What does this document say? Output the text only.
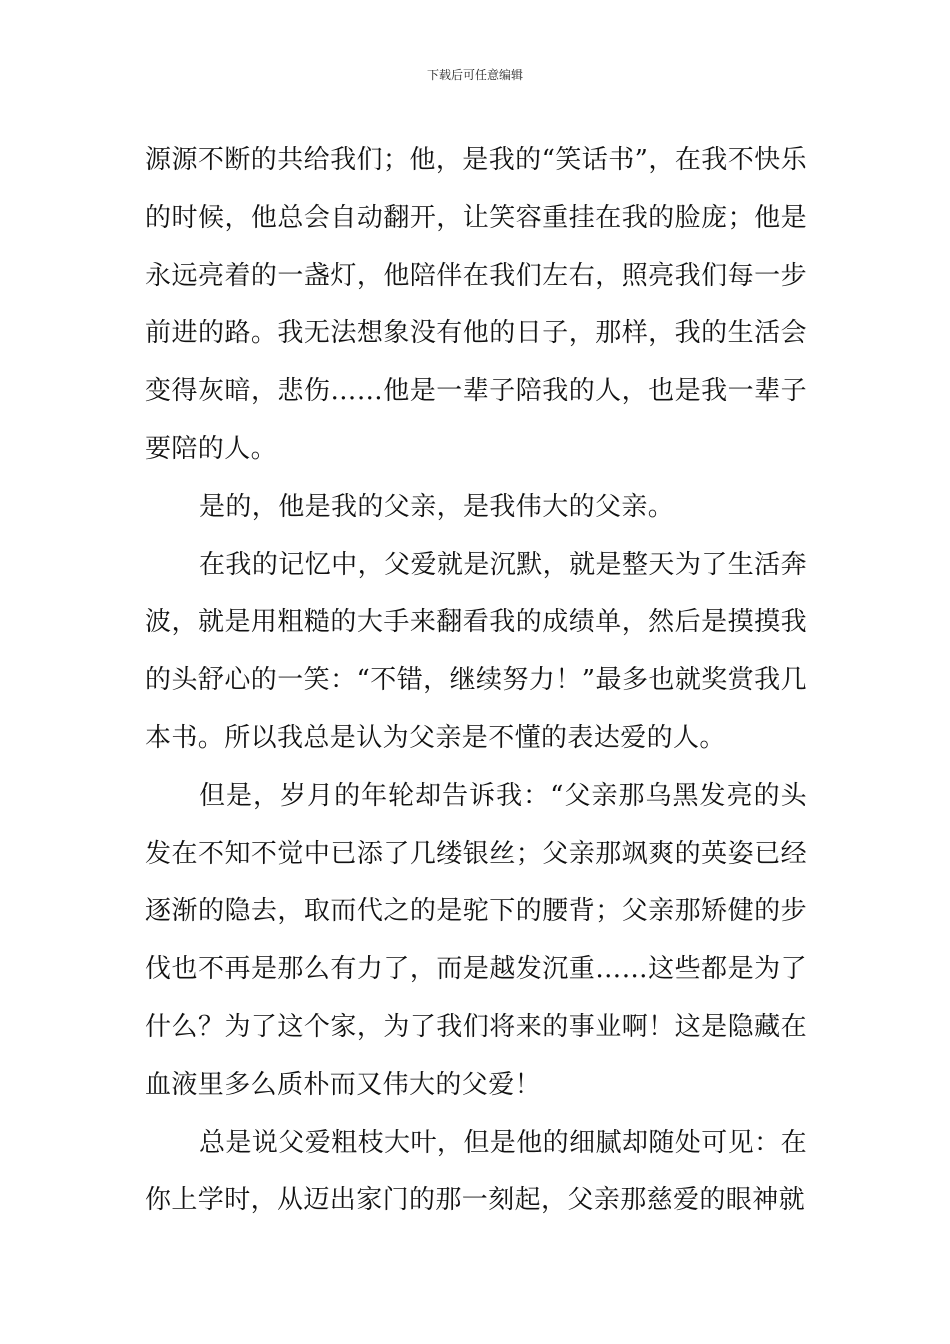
下载后可任意编辑

源源不断的共给我们；他，是我的“笑话书”，在我不快乐的时候，他总会自动翻开，让笑容重挂在我的脸庞；他是永远亮着的一盏灯，他陪伴在我们左右，照亮我们每一步前进的路。我无法想象没有他的日子，那样，我的生活会变得灰暗，悲伤……他是一辈子陪我的人，也是我一辈子要陪的人。

是的，他是我的父亲，是我伟大的父亲。

在我的记忆中，父爱就是沉默，就是整天为了生活奔波，就是用粗糙的大手来翻看我的成绩单，然后是摸摸我的头舒心的一笑：“不错，继续努力！”最多也就奖赏我几本书。所以我总是认为父亲是不懂的表达爱的人。

但是，岁月的年轮却告诉我：“父亲那乌黑发亮的头发在不知不觉中已添了几缕银丝；父亲那飒爽的英姿已经逐渐的隐去，取而代之的是驼下的腰背；父亲那矫健的步伐也不再是那么有力了，而是越发沉重……这些都是为了什么？为了这个家，为了我们将来的事业啊！这是隐藏在血液里多么质朴而又伟大的父爱！

总是说父爱粗枝大叶，但是他的细腻却随处可见：在你上学时，从迈出家门的那一刻起，父亲那慈爱的眼神就
